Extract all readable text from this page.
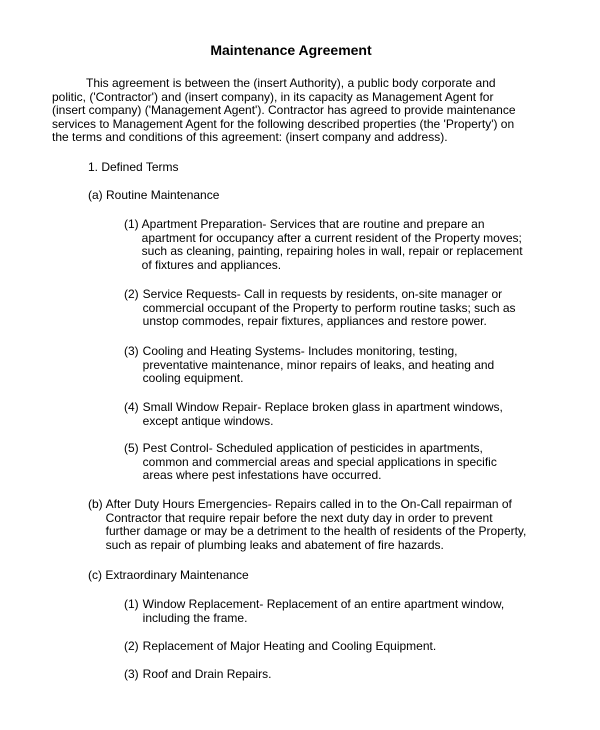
Maintenance Agreement
This agreement is between the (insert Authority), a public body corporate and politic, ('Contractor') and (insert company), in its capacity as Management Agent for (insert company) ('Management Agent'). Contractor has agreed to provide maintenance services to Management Agent for the following described properties (the 'Property') on the terms and conditions of this agreement: (insert company and address).
1. Defined Terms
(a) Routine Maintenance
(1) Apartment Preparation- Services that are routine and prepare an apartment for occupancy after a current resident of the Property moves; such as cleaning, painting, repairing holes in wall, repair or replacement of fixtures and appliances.
(2) Service Requests- Call in requests by residents, on-site manager or commercial occupant of the Property to perform routine tasks; such as unstop commodes, repair fixtures, appliances and restore power.
(3) Cooling and Heating Systems- Includes monitoring, testing, preventative maintenance, minor repairs of leaks, and heating and cooling equipment.
(4) Small Window Repair- Replace broken glass in apartment windows, except antique windows.
(5) Pest Control- Scheduled application of pesticides in apartments, common and commercial areas and special applications in specific areas where pest infestations have occurred.
(b) After Duty Hours Emergencies- Repairs called in to the On-Call repairman of Contractor that require repair before the next duty day in order to prevent further damage or may be a detriment to the health of residents of the Property, such as repair of plumbing leaks and abatement of fire hazards.
(c) Extraordinary Maintenance
(1) Window Replacement- Replacement of an entire apartment window, including the frame.
(2) Replacement of Major Heating and Cooling Equipment.
(3) Roof and Drain Repairs.
